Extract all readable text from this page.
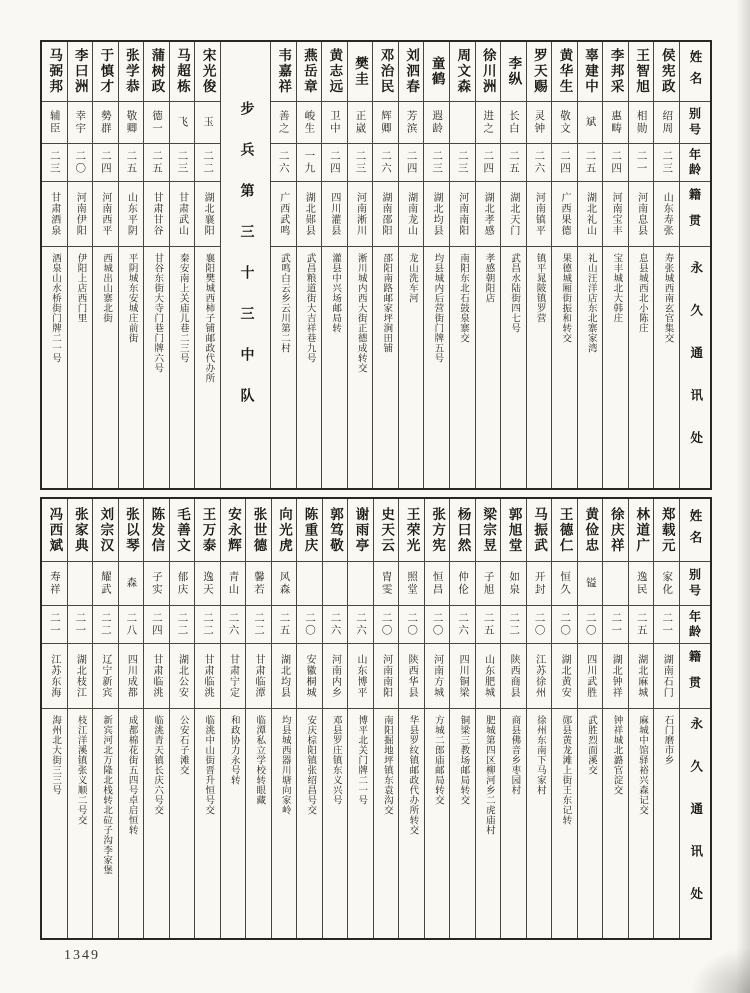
姓名
别号
年龄
籍贯
永久通讯处
侯宪政
绍周
二三
山东寿张
寿张城西南玄官集交
王智旭
相勋
二一
河南息县
息县城西北小陈庄
李邦采
惠畴
二四
河南宝丰
宝丰城北大韩庄
辜建中
斌
二五
湖北礼山
礼山汪洋店东北寨家湾
黄华生
敬文
二四
广西果德
果德城厢街振和转交
罗天赐
灵钟
二六
河南镇平
镇平晁陂镇罗营
李纵
长白
二五
湖北天门
武昌水陆街四七号
徐川洲
进之
二四
湖北孝感
孝感朝阳店
周文森
二三
河南南阳
南阳东北石鼓泉寨交
童鹤
遐龄
二三
湖北均县
均县城内后营街门牌五号
刘泗春
芳滨
二四
湖南龙山
龙山洗车河
邓治民
辉卿
二六
湖南邵阳
邵阳南路邮家坪涧田铺
樊圭
正崴
二三
河南淅川
淅川城内西大街正德成转交
黄志远
卫中
二四
四川灌县
灌县中兴场邮局转
燕岳章
峻生
一九
湖北郧县
武昌粮道街大吉祥巷九号
韦嘉祥
善之
二六
广西武鸣
武鸣白云乡云川第二村
步兵第三十三中队
宋光俊
玉
二二
湖北襄阳
襄阳樊城西柿子铺邮政代办所
马超栋
飞
二三
甘肃武山
秦安南上关庙儿巷二三号
蒲树政
德一
二五
甘肃甘谷
甘谷东街大寺门巷门牌六号
张学恭
敬卿
二五
山东平阴
平阴城东安城庄前街
于慎才
勢群
二四
河南西平
西城出山寨北街
李曰洲
幸宇
二〇
河南伊阳
伊阳上店西门里
马弼邦
辅臣
二三
甘肃酒泉
酒泉山水桥街门牌二一号
姓名
别号
年龄
籍贯
永久通讯处
郑载元
家化
二一
湖南石门
石门磨市乡
林道广
逸民
二五
湖北麻城
麻城中馆驿裕兴森记交
徐庆祥
二一
湖北钟祥
钟祥城北潞官淀交
黄俭忠
镒
二〇
四川武胜
武胜烈面溪交
王德仁
恒久
二〇
湖北黄安
郧县黄龙滩上街王东记转
马振武
开封
二〇
江苏徐州
徐州东南下马家村
郭旭堂
如泉
二二
陕西商县
商县佛音乡枣园村
梁宗昱
子旭
二五
山东肥城
肥城第四区柳河乡二虎庙村
杨曰然
仲伦
二六
四川铜梁
铜梁三教场邮局转交
张方宪
恒昌
二〇
河南方城
方城二郎庙邮局转交
王荣光
照堂
二〇
陕西华县
华县罗纹镇邮政代办所转交
史天云
胄雯
二〇
河南南阳
南阳掘地坪镇东袁沟交
谢雨亭
二六
山东博平
博平北关门牌二一号
郭笃敬
二六
河南内乡
邓县罗庄镇东义兴号
陈重庆
二〇
安徽桐城
安庆棕阳镇张绍昌号交
向光虎
风森
二五
湖北均县
均县城西器川塘向家岭
张世德
馨若
二二
甘肃临潭
临潭私立学校转眼藏
安永辉
青山
二六
甘肃宁定
和政协力永号转
王万泰
逸天
二二
甘肃临洮
临洮中山街晋升恒号交
毛善文
郁庆
二二
湖北公安
公安石子滩交
陈发信
子实
二四
甘肃临洮
临洮青天镇长庆六号交
张以琴
森
二八
四川成都
成都棉花街五四号卓启恒转
刘宗汉
耀武
二二
辽宁新宾
新宾河北万隆北栈转北砬子沟李家堡
张家典
二一
湖北枝江
枝江洋溪镇张义顺二号交
冯西斌
寿祥
二一
江苏东海
海州北大街三三号
1349
